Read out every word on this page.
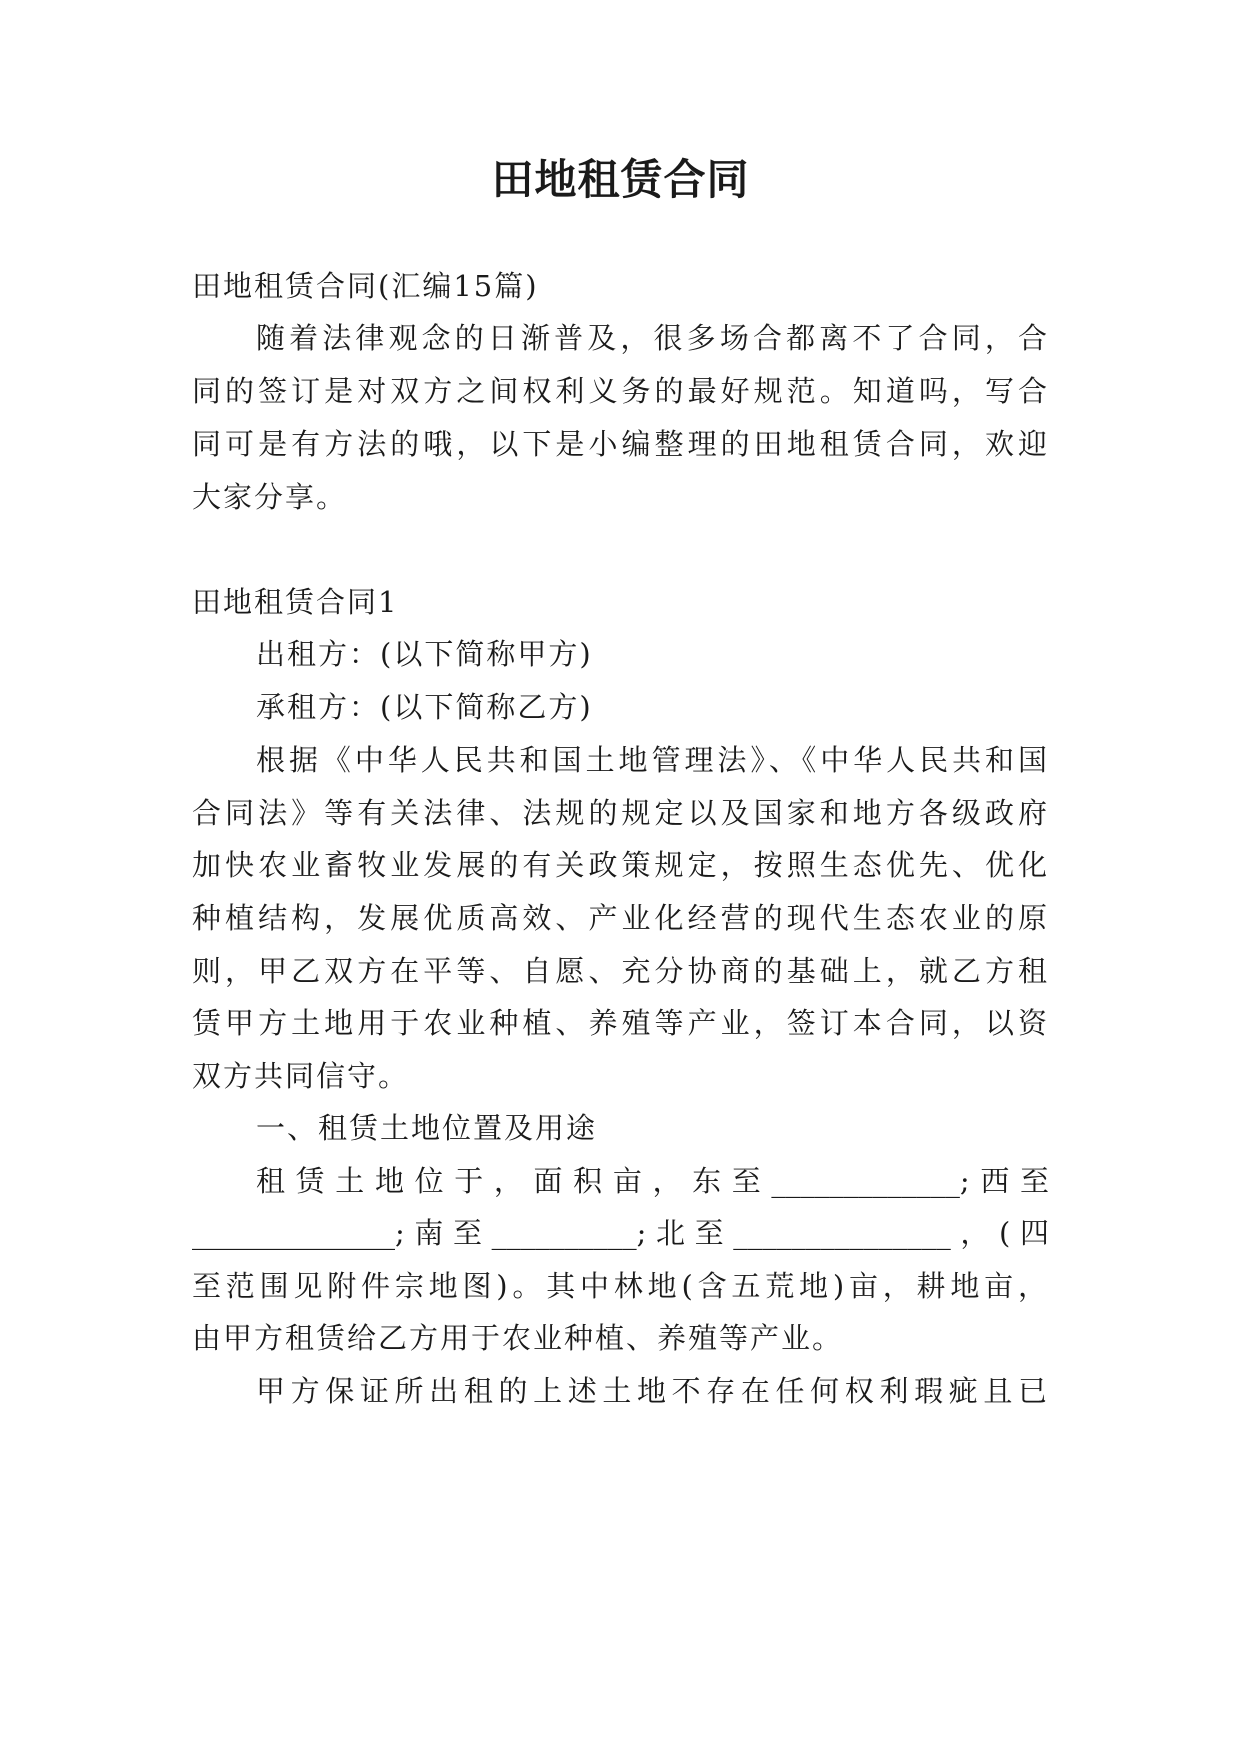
田地租赁合同
田地租赁合同(汇编15篇)
随着法律观念的日渐普及，很多场合都离不了合同，合
同的签订是对双方之间权利义务的最好规范。知道吗，写合
同可是有方法的哦，以下是小编整理的田地租赁合同，欢迎
大家分享。
田地租赁合同1
出租方：(以下简称甲方)
承租方：(以下简称乙方)
根据《中华人民共和国土地管理法》、《中华人民共和国
合同法》等有关法律、法规的规定以及国家和地方各级政府
加快农业畜牧业发展的有关政策规定，按照生态优先、优化
种植结构，发展优质高效、产业化经营的现代生态农业的原
则，甲乙双方在平等、自愿、充分协商的基础上，就乙方租
赁甲方土地用于农业种植、养殖等产业，签订本合同，以资
双方共同信守。
一、租赁土地位置及用途
租赁土地位于，面积亩，东至_____________;西至
______________;南至__________;北至_______________，(四
至范围见附件宗地图)。其中林地(含五荒地)亩，耕地亩，
由甲方租赁给乙方用于农业种植、养殖等产业。
甲方保证所出租的上述土地不存在任何权利瑕疵且已
